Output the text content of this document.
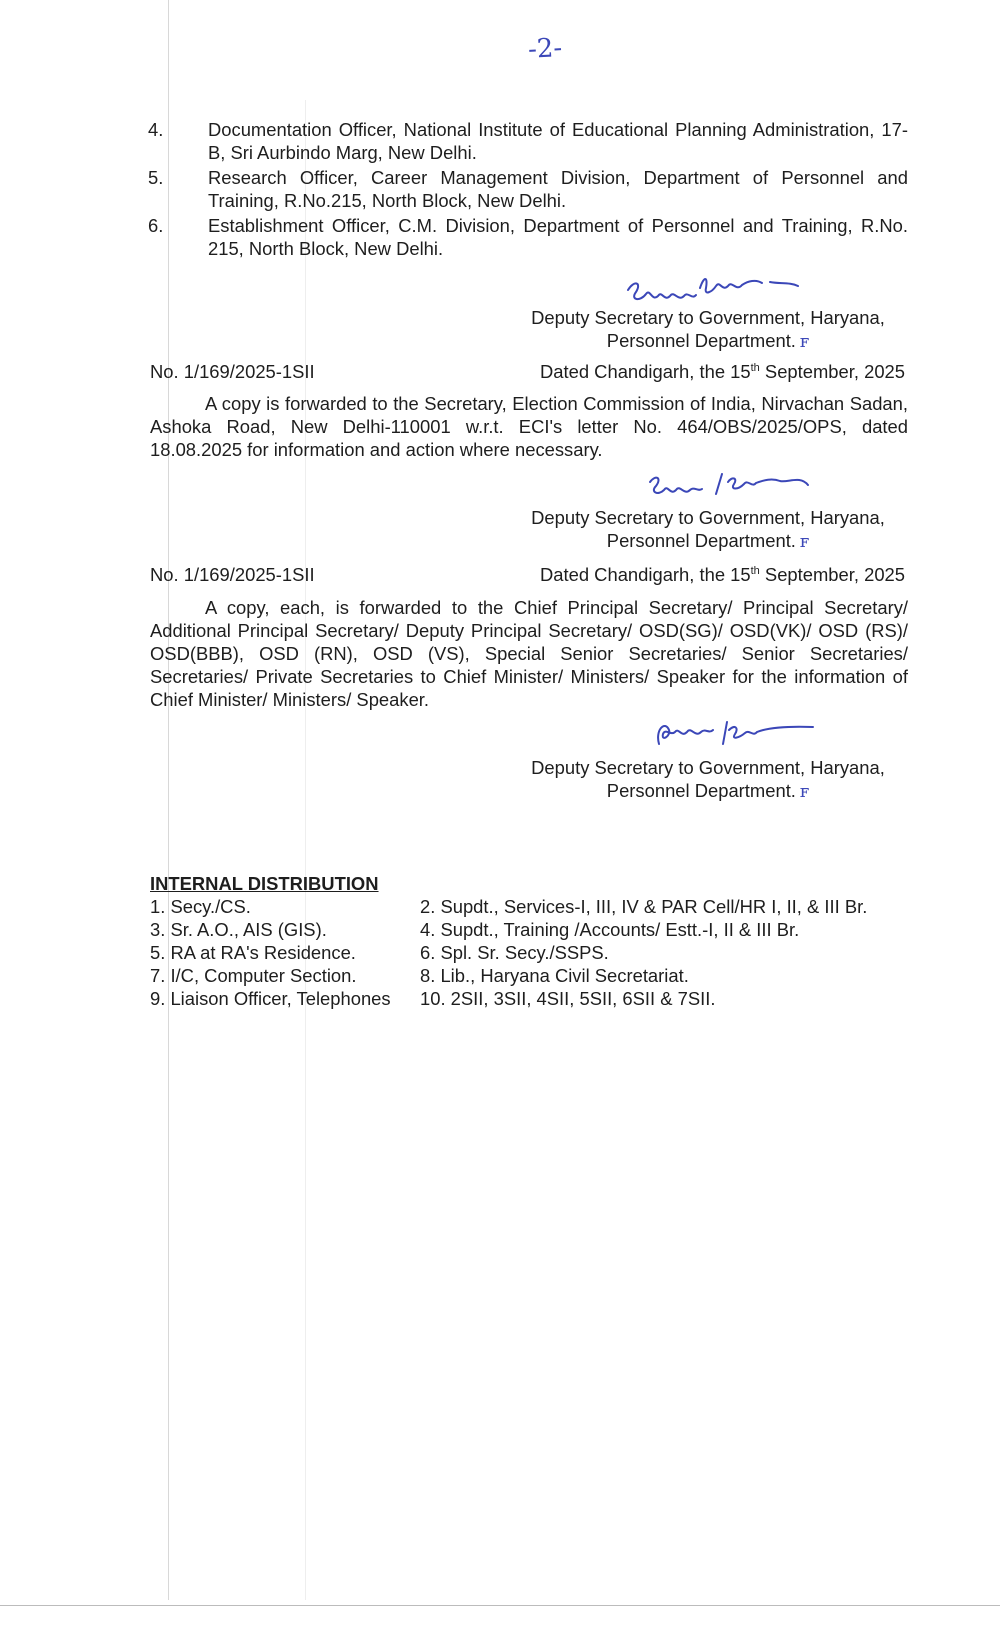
-2-
4.	Documentation Officer, National Institute of Educational Planning Administration, 17-B, Sri Aurbindo Marg, New Delhi.
5.	Research Officer, Career Management Division, Department of Personnel and Training, R.No.215, North Block, New Delhi.
6.	Establishment Officer, C.M. Division, Department of Personnel and Training, R.No. 215, North Block, New Delhi.
Deputy Secretary to Government, Haryana,
Personnel Department. ꜰ
No. 1/169/2025-1SII	Dated Chandigarh, the 15th September, 2025
A copy is forwarded to the Secretary, Election Commission of India, Nirvachan Sadan, Ashoka Road, New Delhi-110001 w.r.t. ECI's letter No. 464/OBS/2025/OPS, dated 18.08.2025 for information and action where necessary.
Deputy Secretary to Government, Haryana,
Personnel Department. ꜰ
No. 1/169/2025-1SII	Dated Chandigarh, the 15th September, 2025
A copy, each, is forwarded to the Chief Principal Secretary/ Principal Secretary/ Additional Principal Secretary/ Deputy Principal Secretary/ OSD(SG)/ OSD(VK)/ OSD (RS)/ OSD(BBB), OSD (RN), OSD (VS), Special Senior Secretaries/ Senior Secretaries/ Secretaries/ Private Secretaries to Chief Minister/ Ministers/ Speaker for the information of Chief Minister/ Ministers/ Speaker.
Deputy Secretary to Government, Haryana,
Personnel Department. ꜰ
INTERNAL DISTRIBUTION
1. Secy./CS.	2. Supdt., Services-I, III, IV & PAR Cell/HR I, II, & III Br.
3. Sr. A.O., AIS (GIS).	4. Supdt., Training /Accounts/ Estt.-I, II & III Br.
5. RA at RA's Residence.	6. Spl. Sr. Secy./SSPS.
7. I/C, Computer Section.	8. Lib., Haryana Civil Secretariat.
9. Liaison Officer, Telephones	10. 2SII, 3SII, 4SII, 5SII, 6SII & 7SII.
